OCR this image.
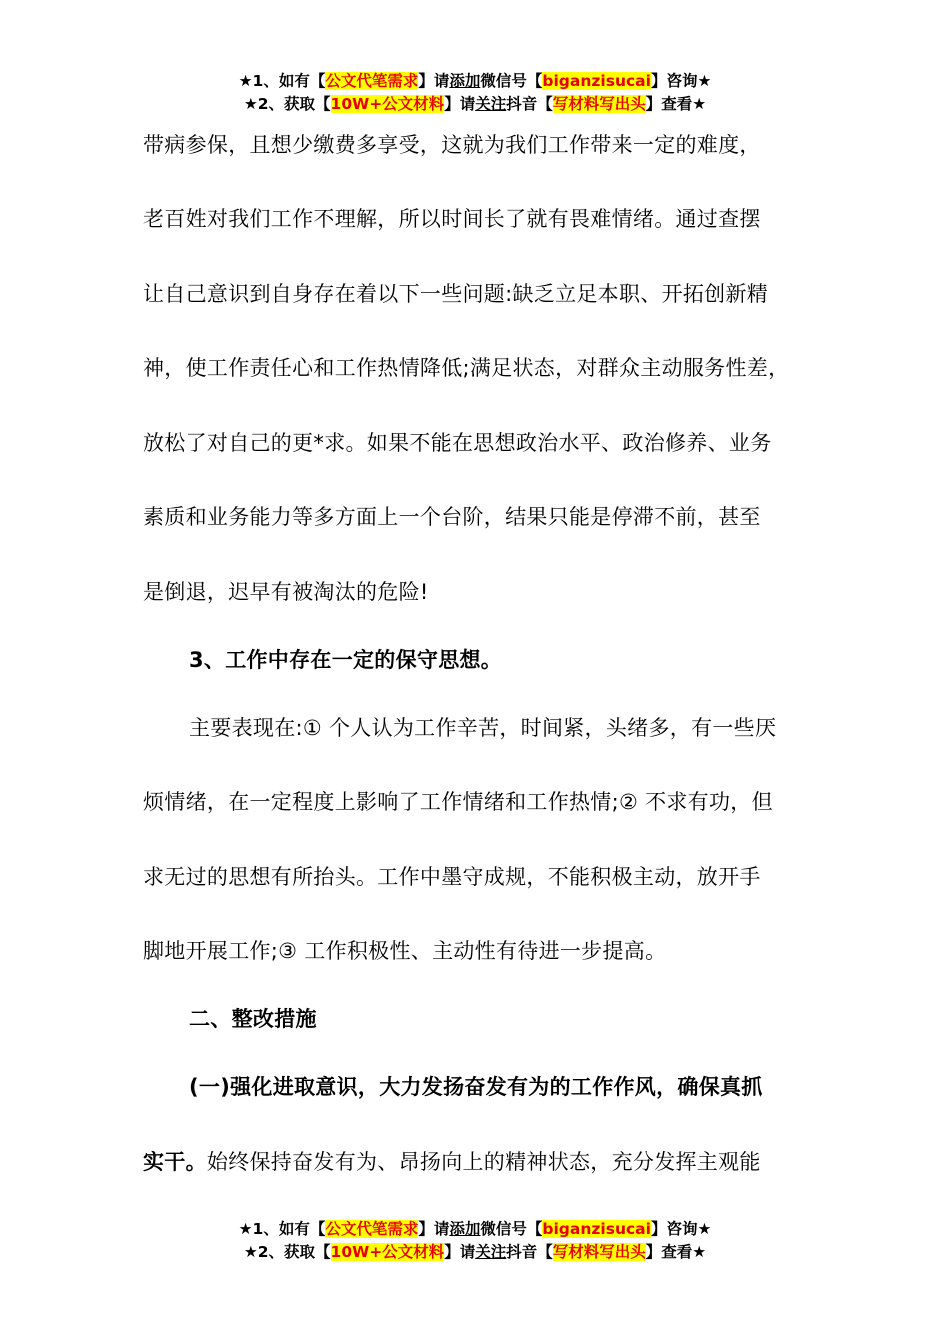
★1、如有【公文代笔需求】请添加微信号【biganzisucai】咨询★
★2、获取【10W+公文材料】请关注抖音【写材料写出头】查看★
带病参保，且想少缴费多享受，这就为我们工作带来一定的难度，
老百姓对我们工作不理解，所以时间长了就有畏难情绪。通过查摆
让自己意识到自身存在着以下一些问题:缺乏立足本职、开拓创新精
神，使工作责任心和工作热情降低;满足状态，对群众主动服务性差，
放松了对自己的更*求。如果不能在思想政治水平、政治修养、业务
素质和业务能力等多方面上一个台阶，结果只能是停滞不前，甚至
是倒退，迟早有被淘汰的危险!
3、工作中存在一定的保守思想。
主要表现在:① 个人认为工作辛苦，时间紧，头绪多，有一些厌
烦情绪，在一定程度上影响了工作情绪和工作热情;② 不求有功，但
求无过的思想有所抬头。工作中墨守成规，不能积极主动，放开手
脚地开展工作;③ 工作积极性、主动性有待进一步提高。
二、整改措施
(一)强化进取意识，大力发扬奋发有为的工作作风，确保真抓
实干。始终保持奋发有为、昂扬向上的精神状态，充分发挥主观能
★1、如有【公文代笔需求】请添加微信号【biganzisucai】咨询★
★2、获取【10W+公文材料】请关注抖音【写材料写出头】查看★
